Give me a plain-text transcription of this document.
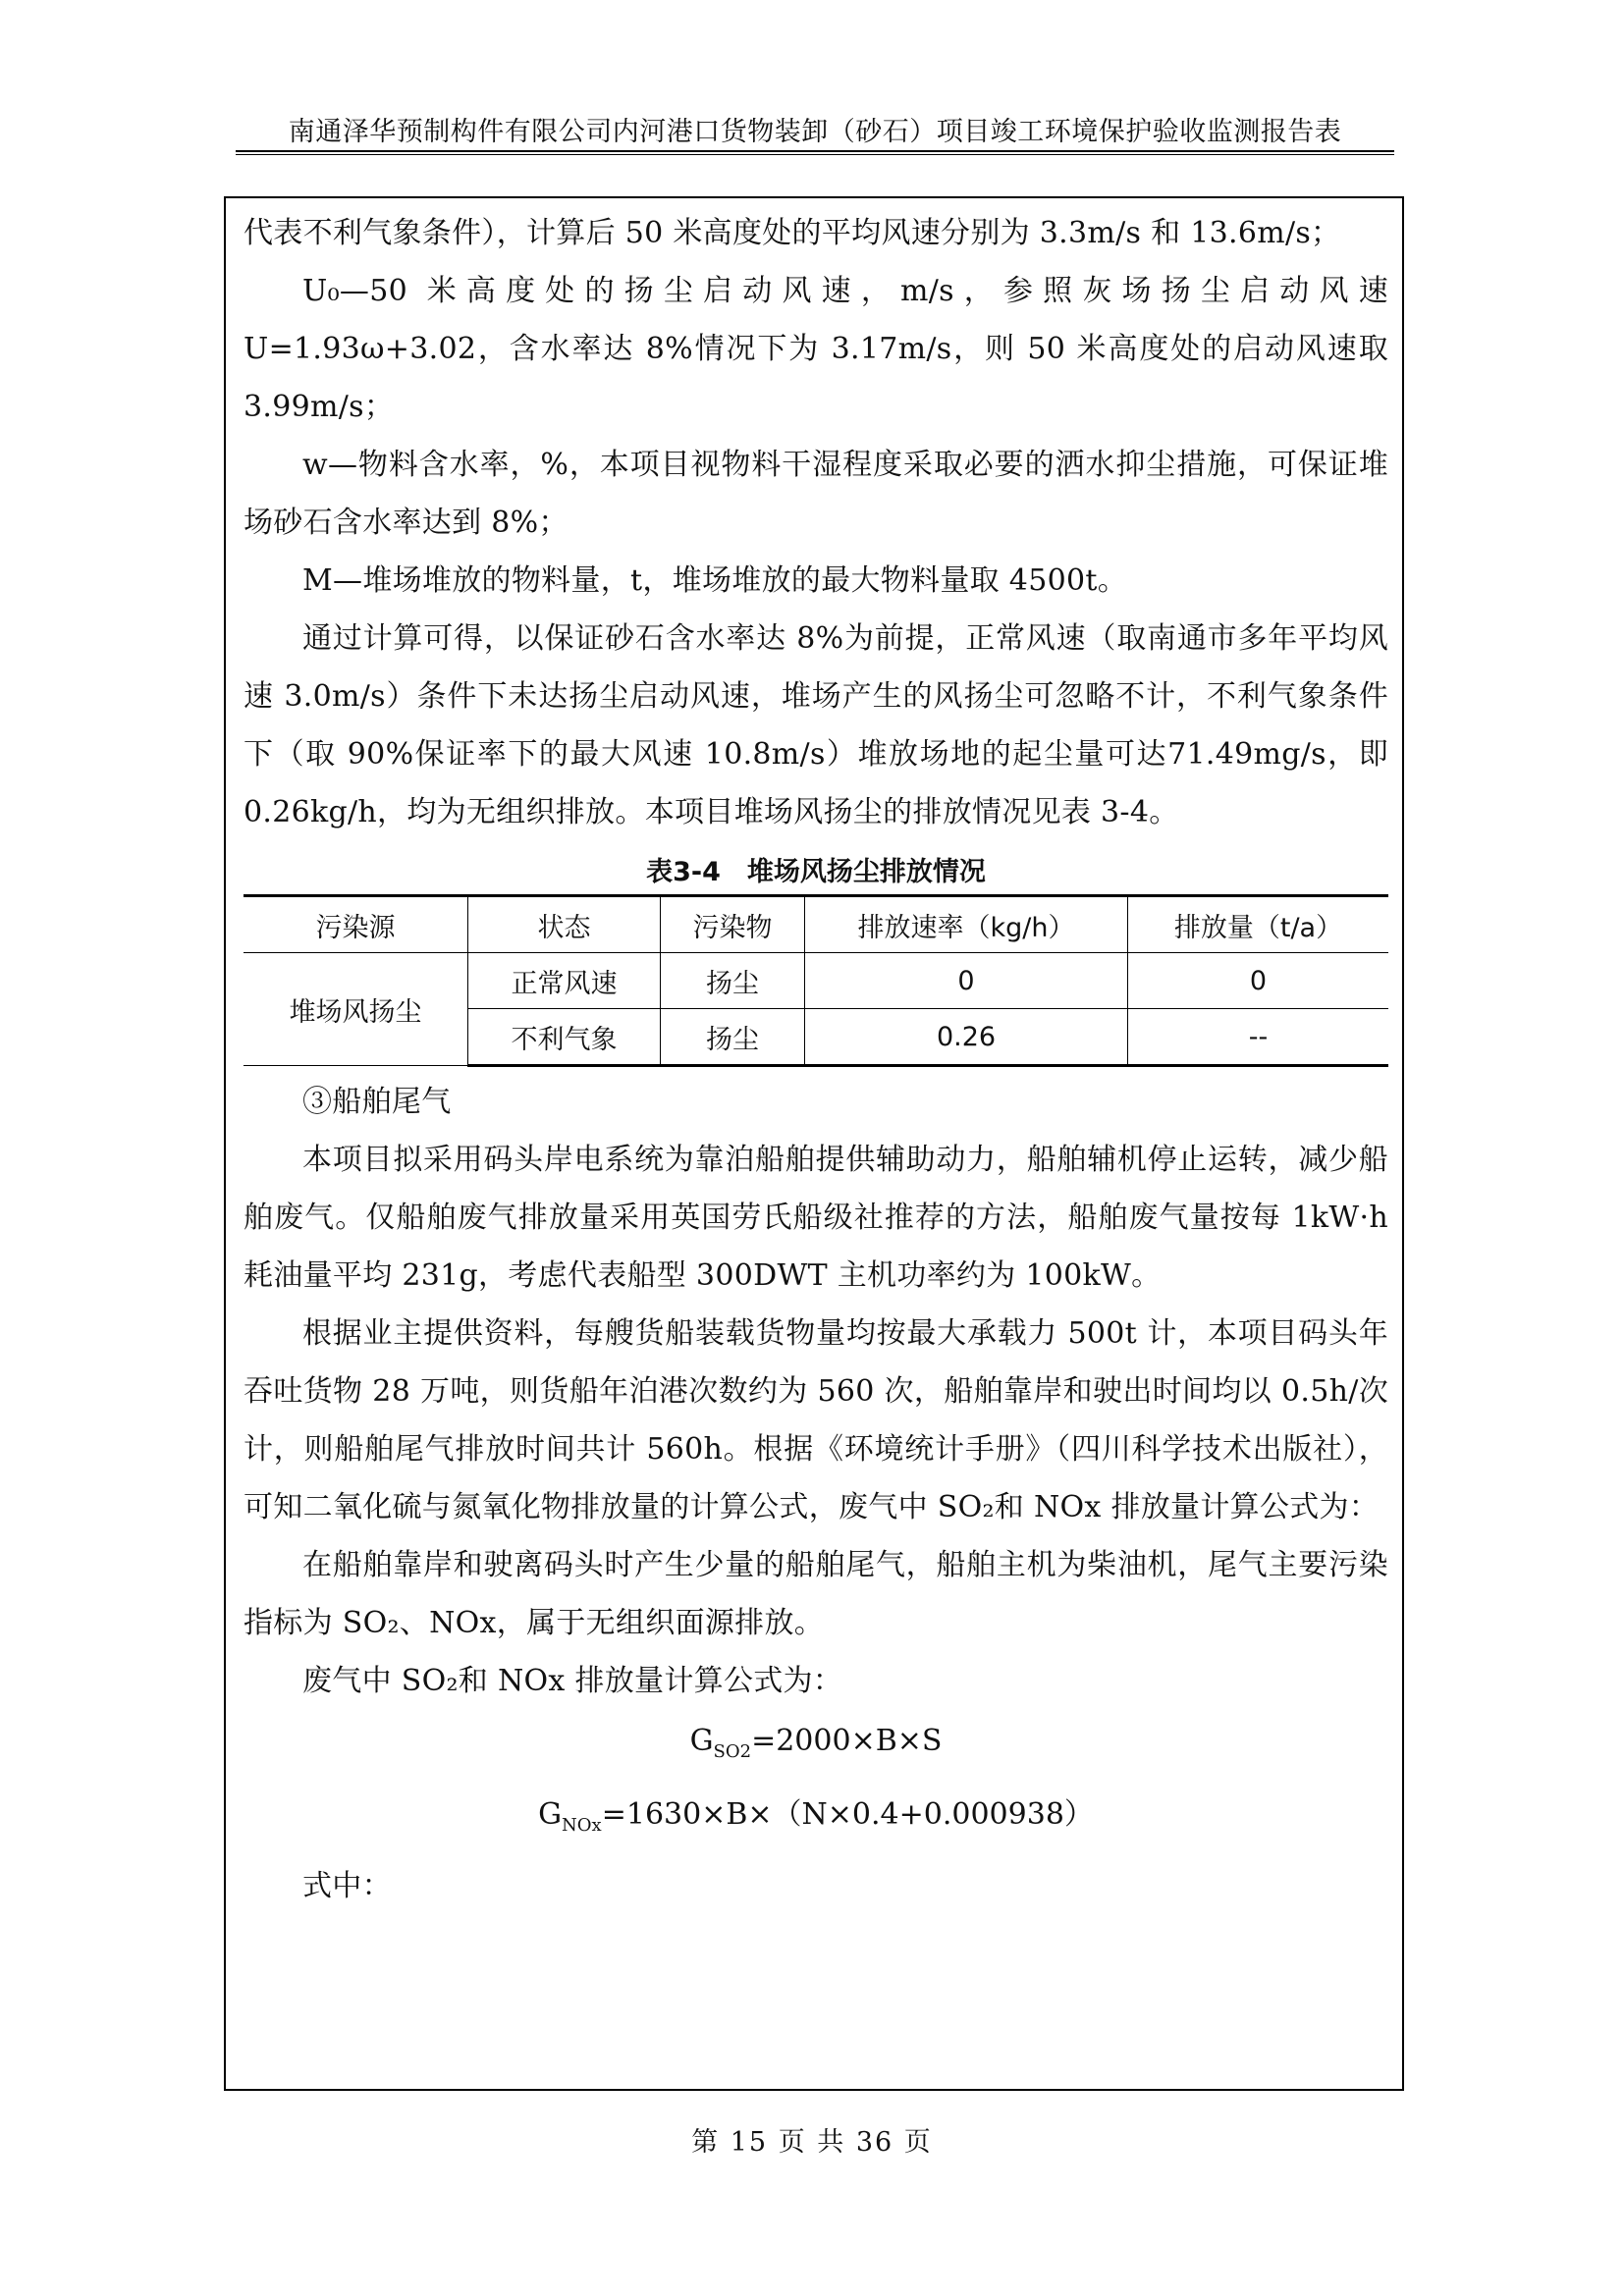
南通泽华预制构件有限公司内河港口货物装卸（砂石）项目竣工环境保护验收监测报告表

代表不利气象条件），计算后 50 米高度处的平均风速分别为 3.3m/s 和 13.6m/s；

U₀—50 米高度处的扬尘启动风速，m/s，参照灰场扬尘启动风速U=1.93ω+3.02，含水率达 8%情况下为 3.17m/s，则 50 米高度处的启动风速取3.99m/s；

w—物料含水率，%，本项目视物料干湿程度采取必要的洒水抑尘措施，可保证堆场砂石含水率达到 8%；

M—堆场堆放的物料量，t，堆场堆放的最大物料量取 4500t。

通过计算可得，以保证砂石含水率达 8%为前提，正常风速（取南通市多年平均风速 3.0m/s）条件下未达扬尘启动风速，堆场产生的风扬尘可忽略不计，不利气象条件下（取 90%保证率下的最大风速 10.8m/s）堆放场地的起尘量可达71.49mg/s，即 0.26kg/h，均为无组织排放。本项目堆场风扬尘的排放情况见表 3-4。

表3-4　堆场风扬尘排放情况
污染源	状态	污染物	排放速率（kg/h）	排放量（t/a）
堆场风扬尘	正常风速	扬尘	0	0
	不利气象	扬尘	0.26	--

③船舶尾气

本项目拟采用码头岸电系统为靠泊船舶提供辅助动力，船舶辅机停止运转，减少船舶废气。仅船舶废气排放量采用英国劳氏船级社推荐的方法，船舶废气量按每 1kW·h 耗油量平均 231g，考虑代表船型 300DWT 主机功率约为 100kW。

根据业主提供资料，每艘货船装载货物量均按最大承载力 500t 计，本项目码头年吞吐货物 28 万吨，则货船年泊港次数约为 560 次，船舶靠岸和驶出时间均以 0.5h/次计，则船舶尾气排放时间共计 560h。根据《环境统计手册》（四川科学技术出版社），可知二氧化硫与氮氧化物排放量的计算公式，废气中 SO₂和 NOx 排放量计算公式为：

在船舶靠岸和驶离码头时产生少量的船舶尾气，船舶主机为柴油机，尾气主要污染指标为 SO₂、NOx，属于无组织面源排放。

废气中 SO₂和 NOx 排放量计算公式为：

$G_{SO2}=2000\times B\times S$

$G_{NOx}=1630\times B\times(N\times 0.4+0.000938)$

式中：

第 15 页 共 36 页
